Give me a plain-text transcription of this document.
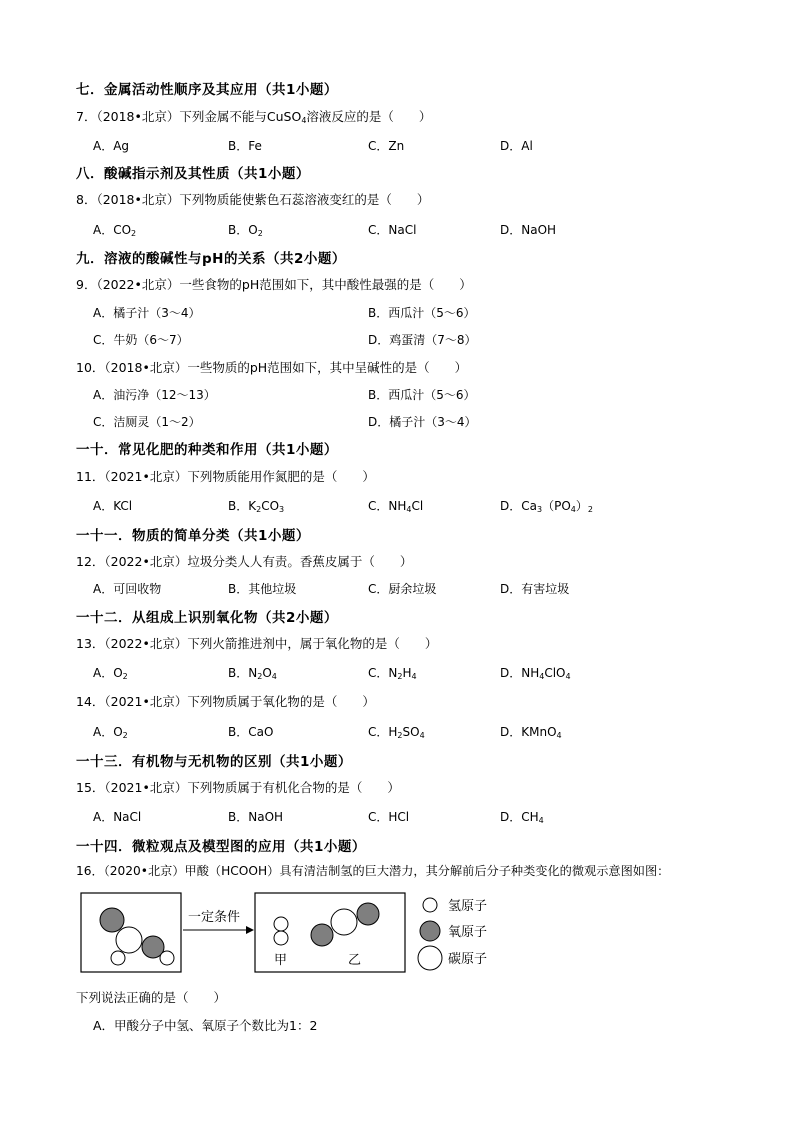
七．金属活动性顺序及其应用（共1小题）
7．（2018•北京）下列金属不能与CuSO$_4$溶液反应的是（　　）
A．Ag	B．Fe	C．Zn	D．Al
八．酸碱指示剂及其性质（共1小题）
8．（2018•北京）下列物质能使紫色石蕊溶液变红的是（　　）
A．$CO_2$	B．$O_2$	C．NaCl	D．NaOH
九．溶液的酸碱性与pH的关系（共2小题）
9．（2022•北京）一些食物的pH范围如下，其中酸性最强的是（　　）
A．橘子汁（3～4）	B．西瓜汁（5～6）
C．牛奶（6～7）	D．鸡蛋清（7～8）
10．（2018•北京）一些物质的pH范围如下，其中呈碱性的是（　　）
A．油污净（12～13）	B．西瓜汁（5～6）
C．洁厕灵（1～2）	D．橘子汁（3～4）
一十．常见化肥的种类和作用（共1小题）
11．（2021•北京）下列物质能用作氮肥的是（　　）
A．KCl	B．$K_2CO_3$	C．$NH_4Cl$	D．$Ca_3(PO_4)_2$
一十一．物质的简单分类（共1小题）
12．（2022•北京）垃圾分类人人有责。香蕉皮属于（　　）
A．可回收物	B．其他垃圾	C．厨余垃圾	D．有害垃圾
一十二．从组成上识别氧化物（共2小题）
13．（2022•北京）下列火箭推进剂中，属于氧化物的是（　　）
A．$O_2$	B．$N_2O_4$	C．$N_2H_4$	D．$NH_4ClO_4$
14．（2021•北京）下列物质属于氧化物的是（　　）
A．$O_2$	B．CaO	C．$H_2SO_4$	D．KMnO$_4$
一十三．有机物与无机物的区别（共1小题）
15．（2021•北京）下列物质属于有机化合物的是（　　）
A．NaCl	B．NaOH	C．HCl	D．$CH_4$
一十四．微粒观点及模型图的应用（共1小题）
16．（2020•北京）甲酸（HCOOH）具有清洁制氢的巨大潜力，其分解前后分子种类变化的微观示意图如图：
一定条件
甲	乙
氢原子
氧原子
碳原子
下列说法正确的是（　　）
A．甲酸分子中氢、氧原子个数比为1：2
